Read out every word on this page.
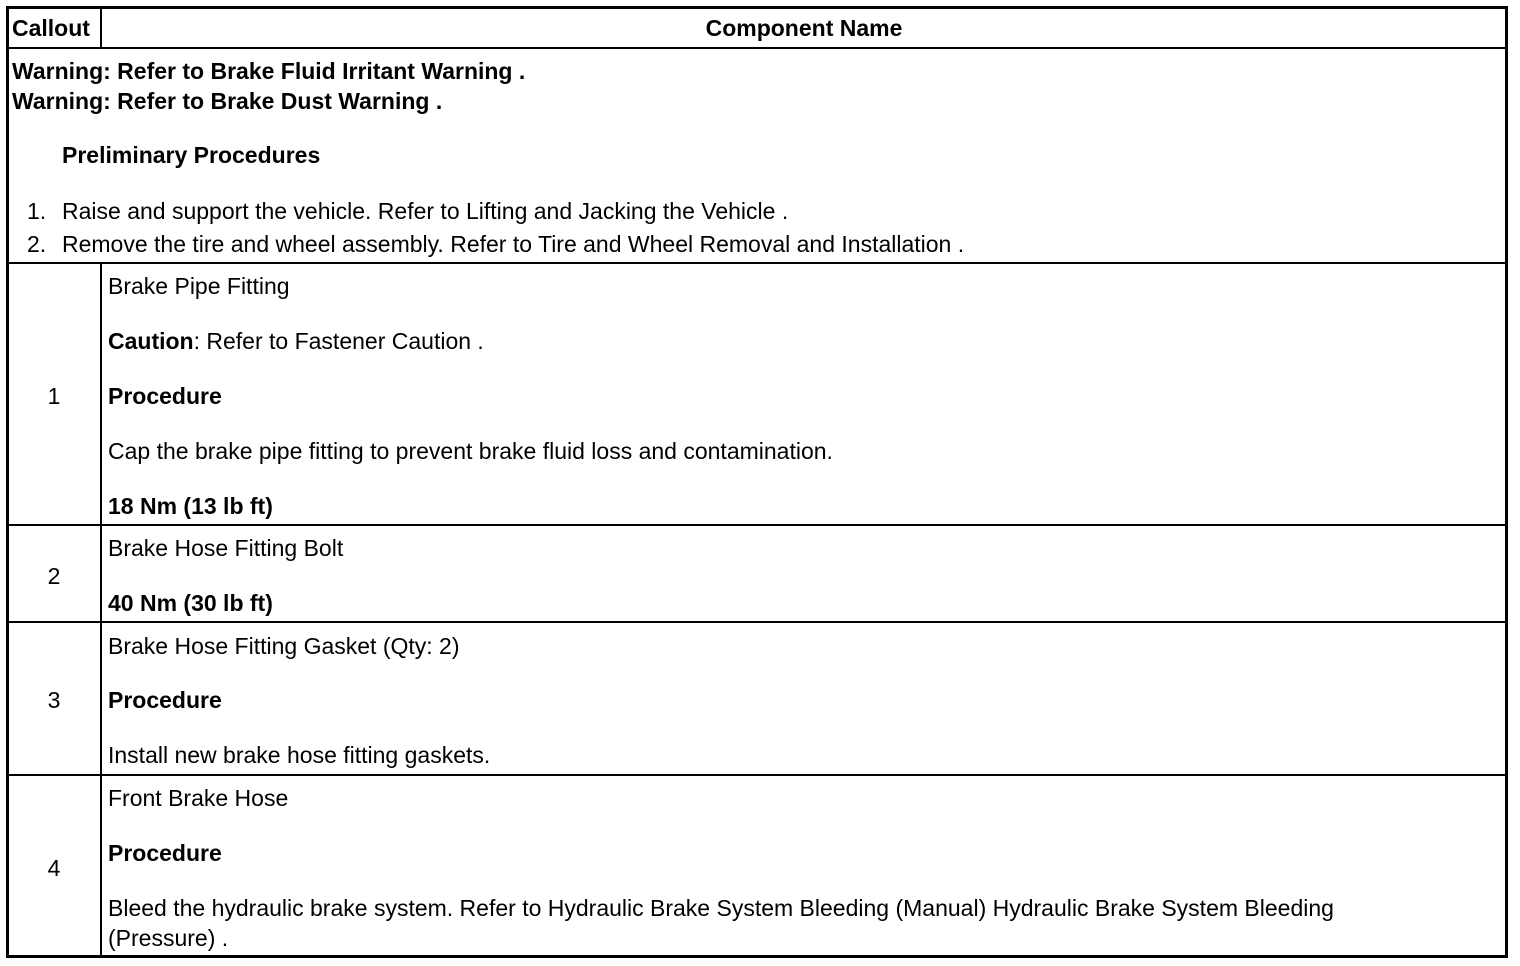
Callout	Component Name
Warning: Refer to Brake Fluid Irritant Warning .
Warning: Refer to Brake Dust Warning .
Preliminary Procedures
1. Raise and support the vehicle. Refer to Lifting and Jacking the Vehicle .
2. Remove the tire and wheel assembly. Refer to Tire and Wheel Removal and Installation .
1
Brake Pipe Fitting
Caution: Refer to Fastener Caution .
Procedure
Cap the brake pipe fitting to prevent brake fluid loss and contamination.
18 Nm (13 lb ft)
2
Brake Hose Fitting Bolt
40 Nm (30 lb ft)
3
Brake Hose Fitting Gasket (Qty: 2)
Procedure
Install new brake hose fitting gaskets.
4
Front Brake Hose
Procedure
Bleed the hydraulic brake system. Refer to Hydraulic Brake System Bleeding (Manual) Hydraulic Brake System Bleeding
(Pressure) .
